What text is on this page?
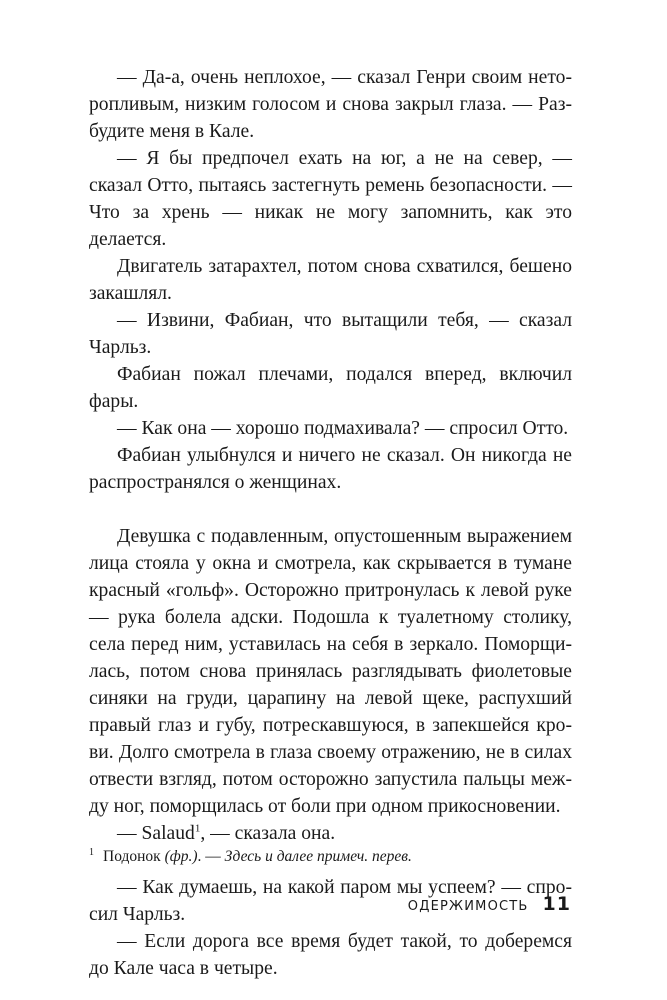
— Да-а, очень неплохое, — сказал Генри своим неторопливым, низким голосом и снова закрыл глаза. — Разбудите меня в Кале.

— Я бы предпочел ехать на юг, а не на север, — сказал Отто, пытаясь застегнуть ремень безопасности. — Что за хрень — никак не могу запомнить, как это делается.

Двигатель затарахтел, потом снова схватился, бешено закашлял.

— Извини, Фабиан, что вытащили тебя, — сказал Чарльз.

Фабиан пожал плечами, подался вперед, включил фары.

— Как она — хорошо подмахивала? — спросил Отто.

Фабиан улыбнулся и ничего не сказал. Он никогда не распространялся о женщинах.

Девушка с подавленным, опустошенным выражением лица стояла у окна и смотрела, как скрывается в тумане красный «гольф». Осторожно притронулась к левой руке — рука болела адски. Подошла к туалетному столику, села перед ним, уставилась на себя в зеркало. Поморщилась, потом снова принялась разглядывать фиолетовые синяки на груди, царапину на левой щеке, распухший правый глаз и губу, потрескавшуюся, в запекшейся крови. Долго смотрела в глаза своему отражению, не в силах отвести взгляд, потом осторожно запустила пальцы между ног, поморщилась от боли при одном прикосновении.

— Salaud$^1$, — сказала она.

— Как думаешь, на какой паром мы успеем? — спросил Чарльз.

— Если дорога все время будет такой, то доберемся до Кале часа в четыре.

$^1$ Подонок (фр.). — Здесь и далее примеч. перев.
ОДЕРЖИМОСТЬ 11
